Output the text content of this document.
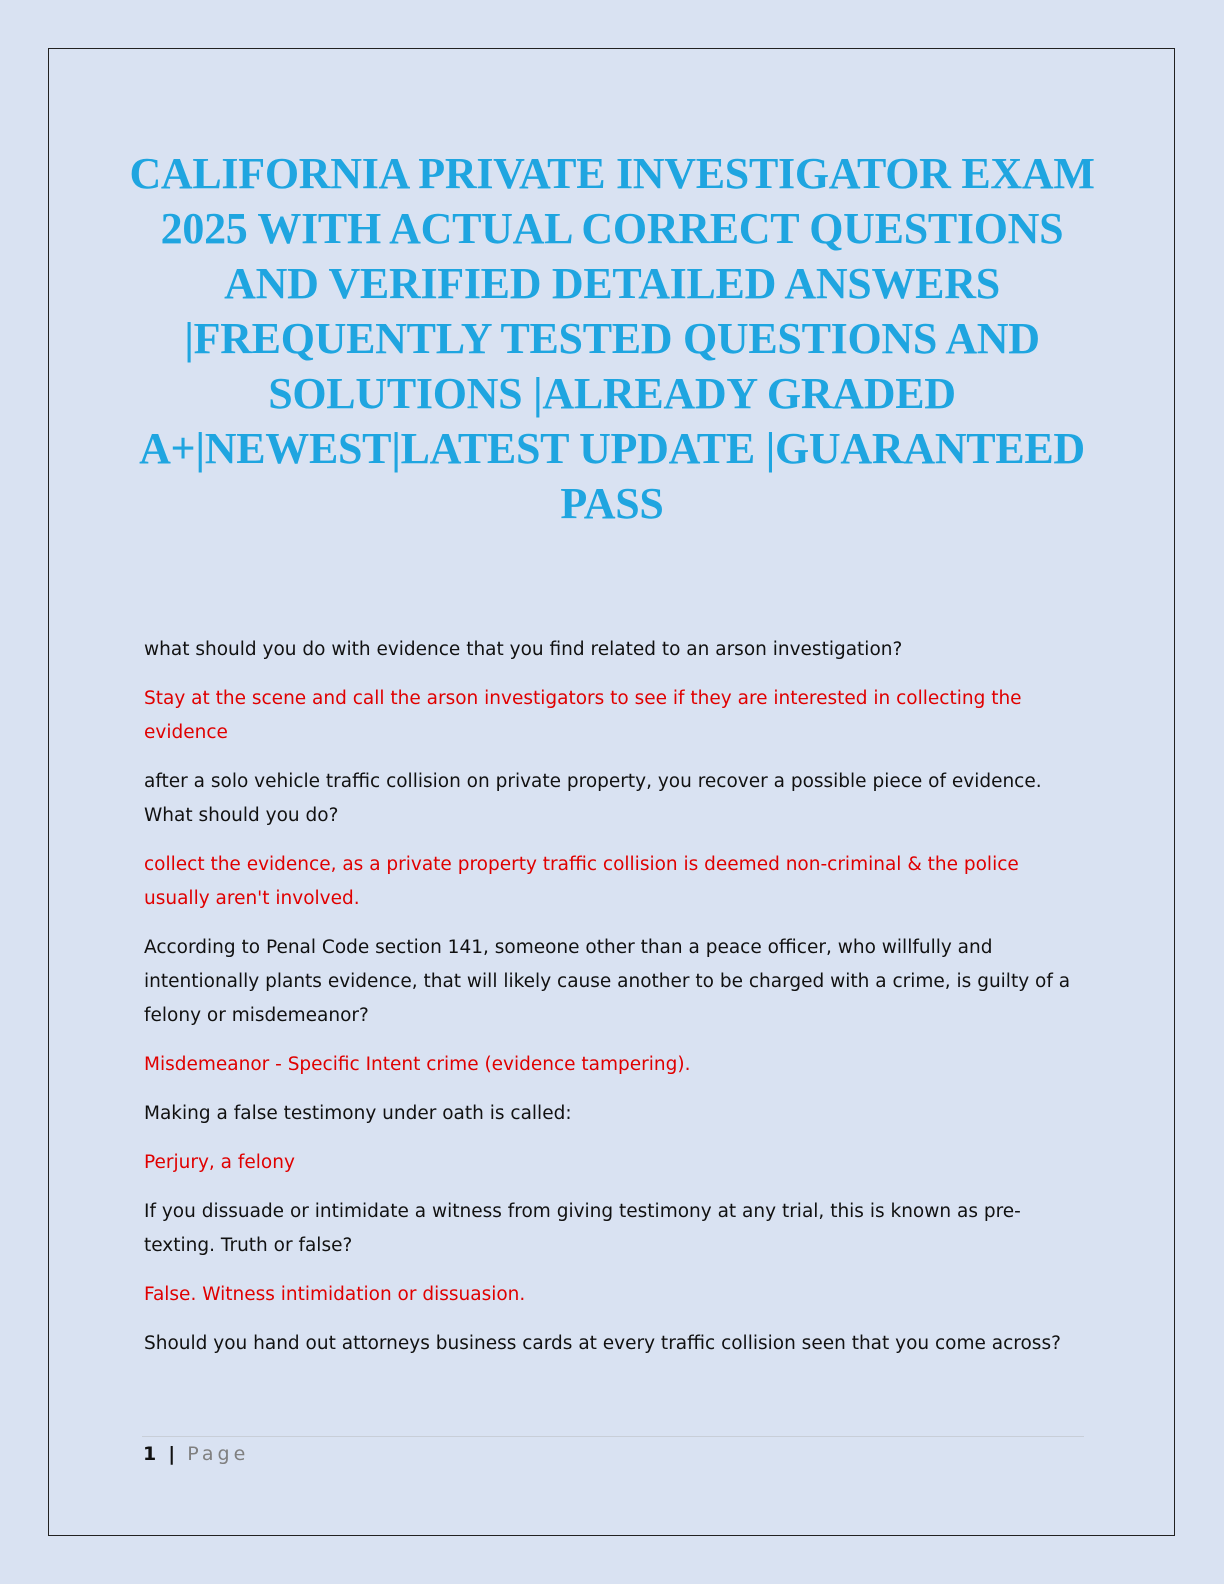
CALIFORNIA PRIVATE INVESTIGATOR EXAM 2025 WITH ACTUAL CORRECT QUESTIONS AND VERIFIED DETAILED ANSWERS |FREQUENTLY TESTED QUESTIONS AND SOLUTIONS |ALREADY GRADED A+|NEWEST|LATEST UPDATE |GUARANTEED PASS

what should you do with evidence that you find related to an arson investigation?

Stay at the scene and call the arson investigators to see if they are interested in collecting the evidence

after a solo vehicle traffic collision on private property, you recover a possible piece of evidence. What should you do?

collect the evidence, as a private property traffic collision is deemed non-criminal & the police usually aren't involved.

According to Penal Code section 141, someone other than a peace officer, who willfully and intentionally plants evidence, that will likely cause another to be charged with a crime, is guilty of a felony or misdemeanor?

Misdemeanor - Specific Intent crime (evidence tampering).

Making a false testimony under oath is called:

Perjury, a felony

If you dissuade or intimidate a witness from giving testimony at any trial, this is known as pre-texting. Truth or false?

False. Witness intimidation or dissuasion.

Should you hand out attorneys business cards at every traffic collision seen that you come across?

1 | Page
